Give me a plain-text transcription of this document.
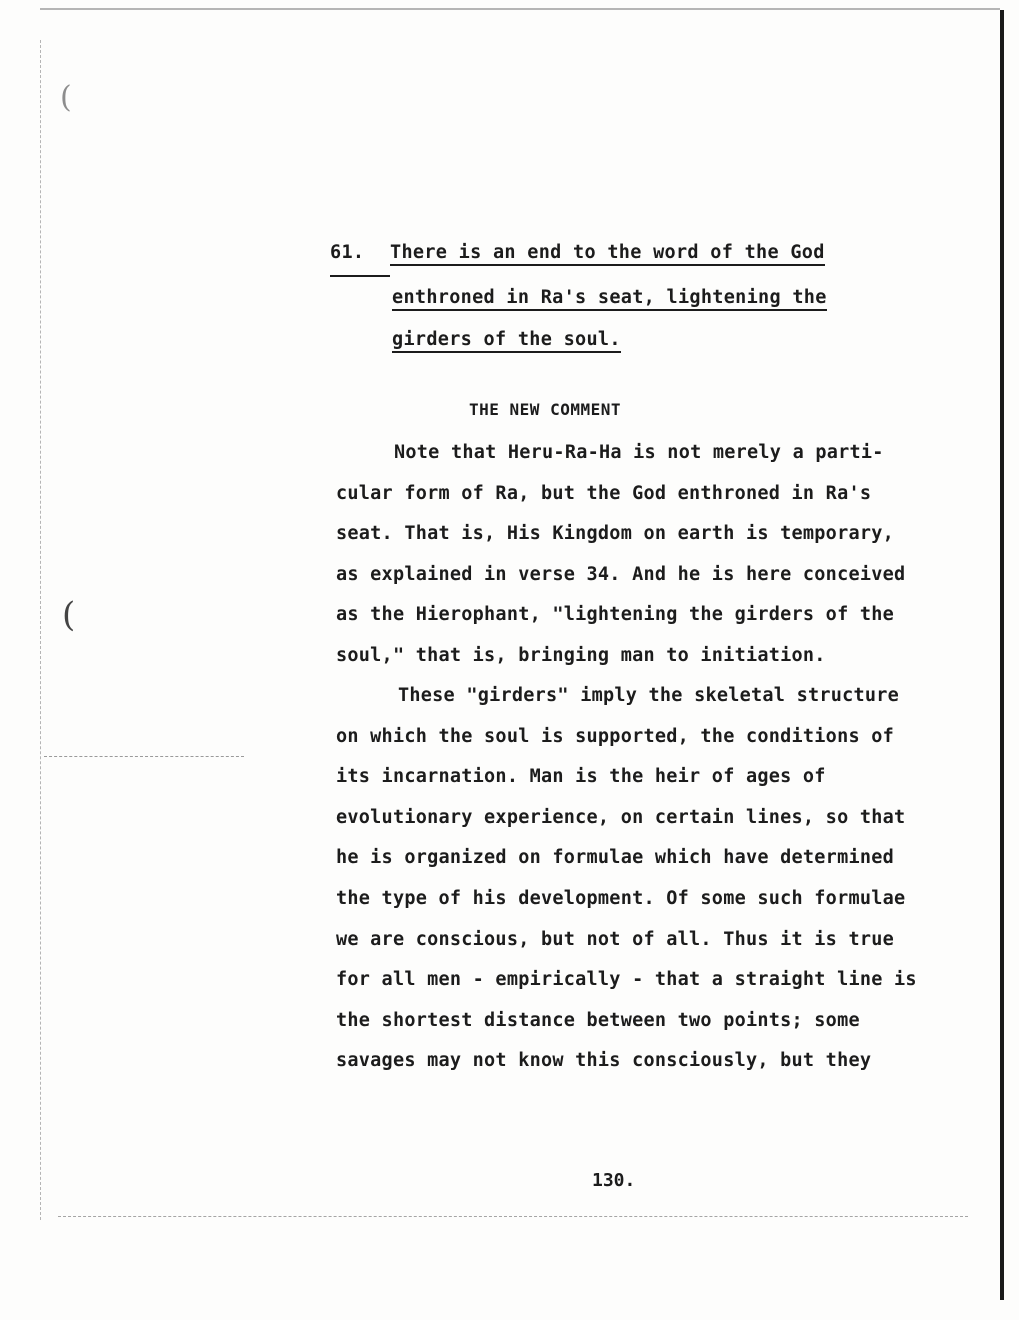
(
(
61. There is an end to the word of the God
enthroned in Ra's seat, lightening the
girders of the soul.
THE NEW COMMENT
Note that Heru-Ra-Ha is not merely a parti-
cular form of Ra, but the God enthroned in Ra's
seat. That is, His Kingdom on earth is temporary,
as explained in verse 34. And he is here conceived
as the Hierophant, "lightening the girders of the
soul," that is, bringing man to initiation.
These "girders" imply the skeletal structure
on which the soul is supported, the conditions of
its incarnation. Man is the heir of ages of
evolutionary experience, on certain lines, so that
he is organized on formulae which have determined
the type of his development. Of some such formulae
we are conscious, but not of all. Thus it is true
for all men - empirically - that a straight line is
the shortest distance between two points; some
savages may not know this consciously, but they
130.
